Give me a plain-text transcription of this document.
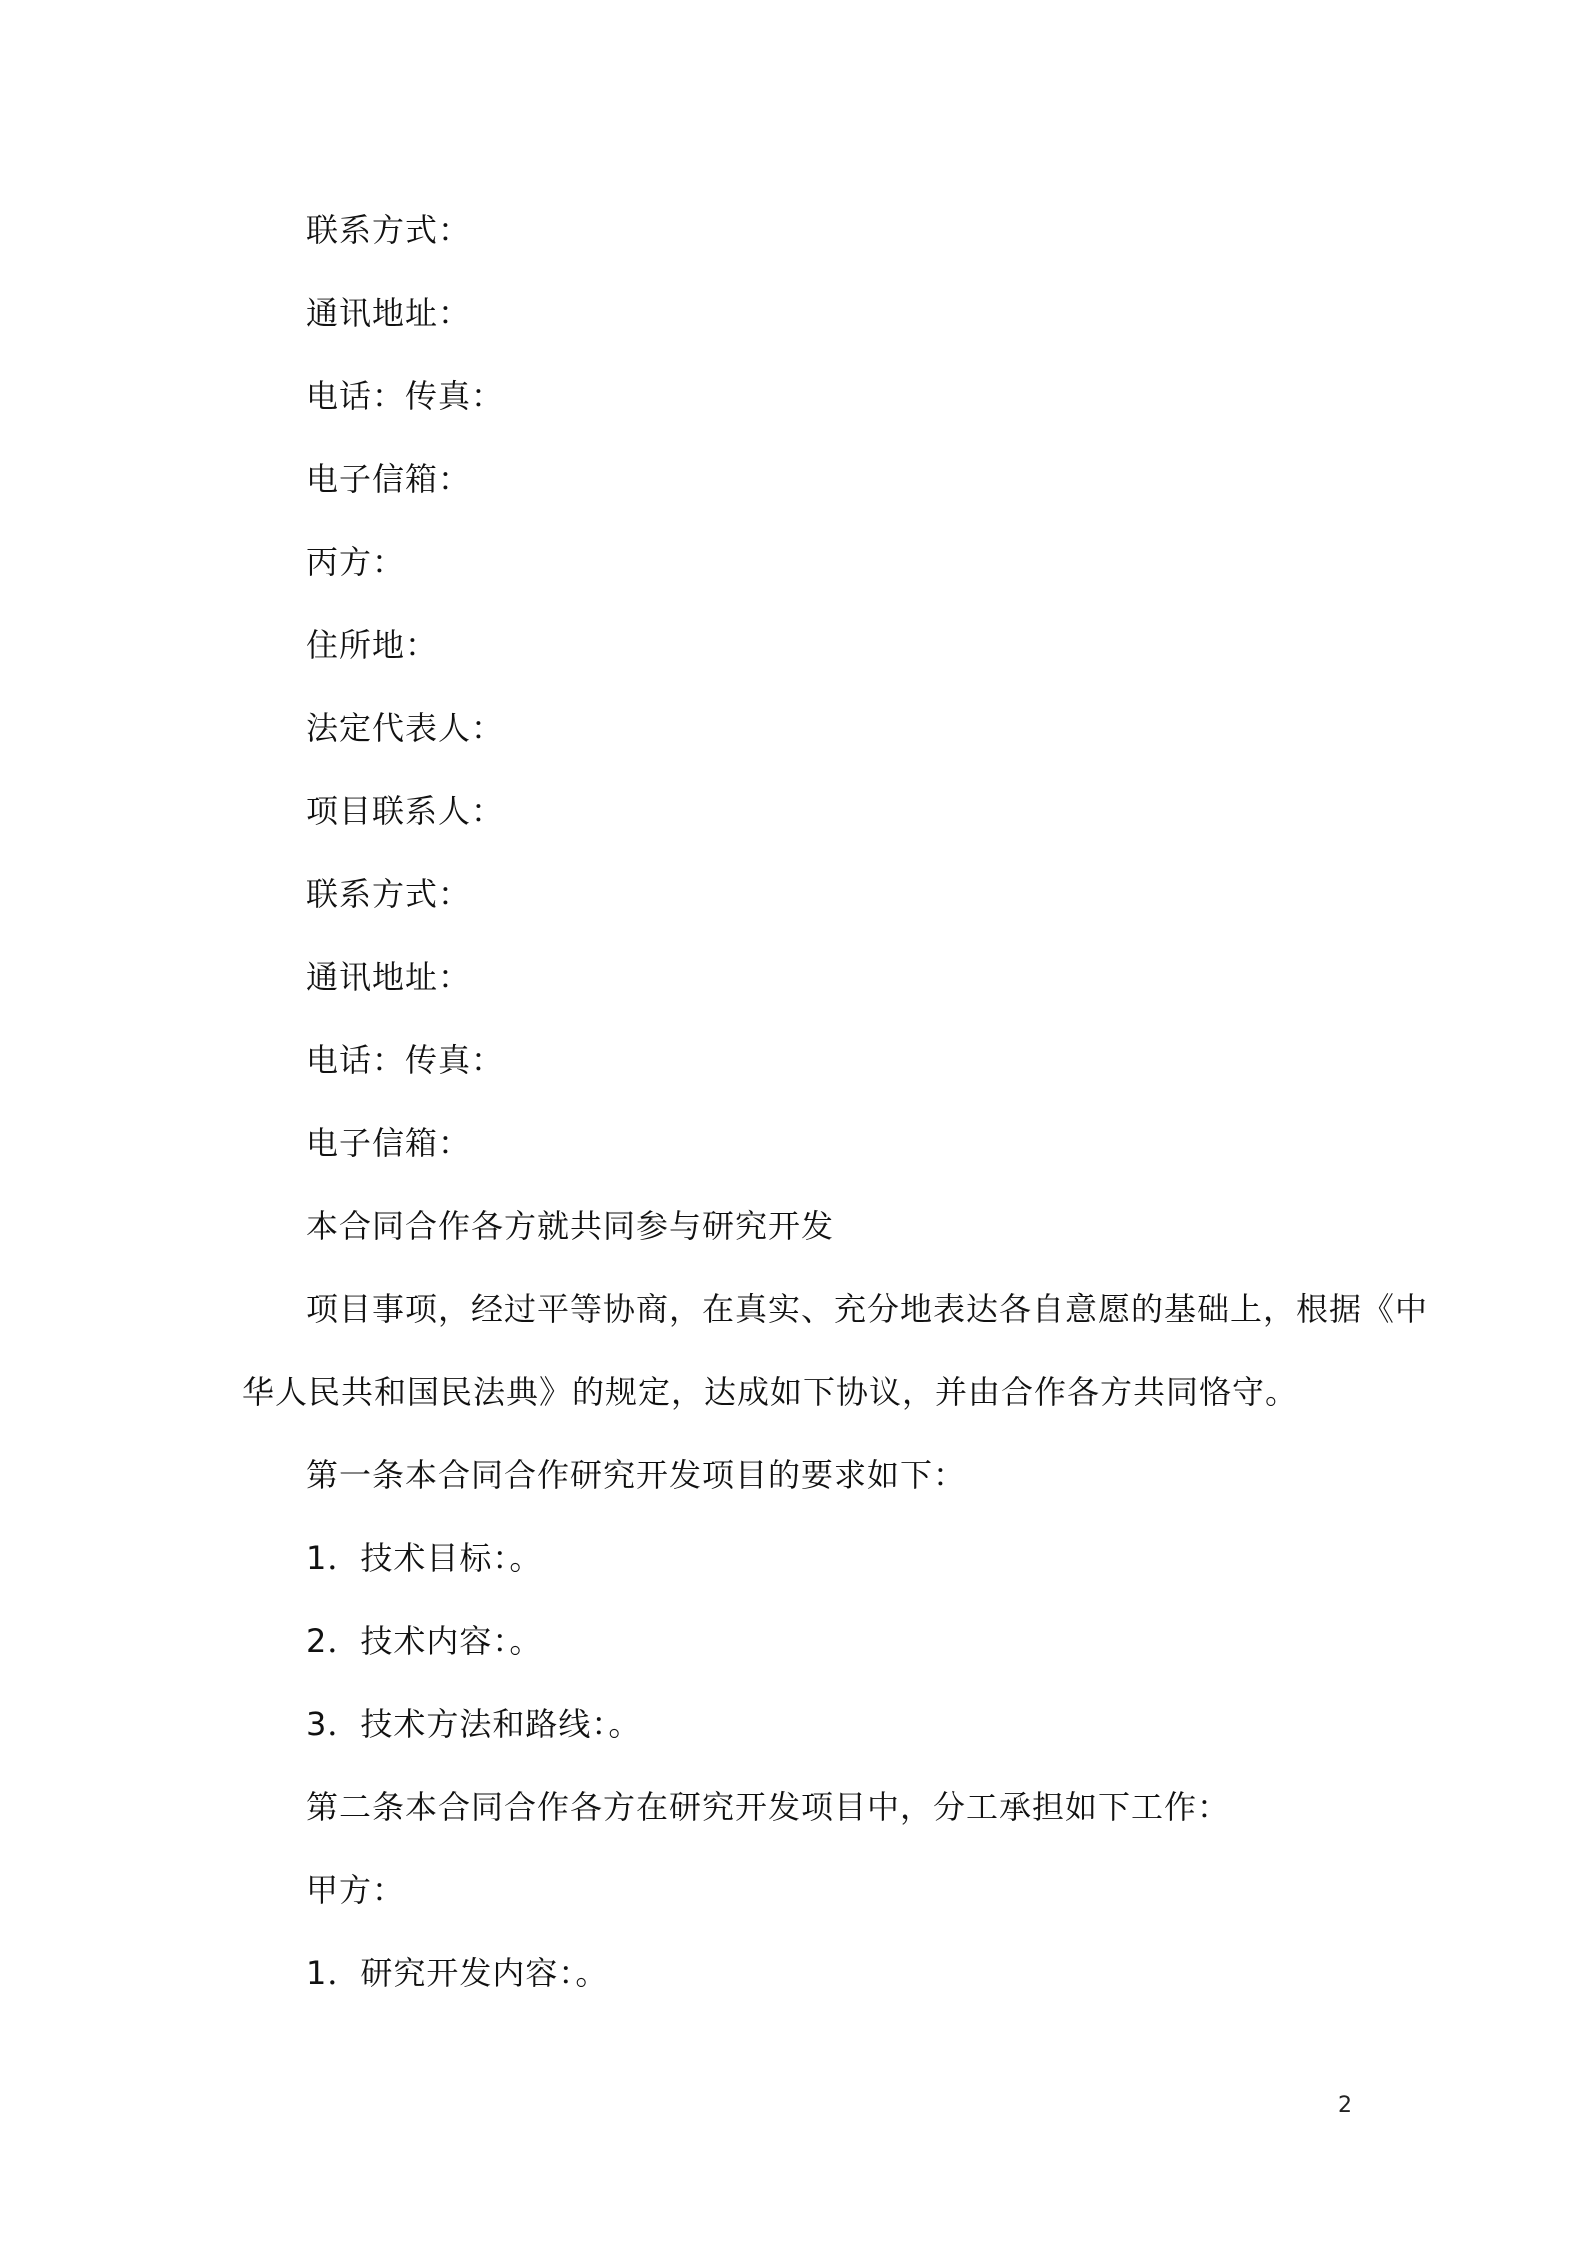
联系方式：
通讯地址：
电话：传真：
电子信箱：
丙方：
住所地：
法定代表人：
项目联系人：
联系方式：
通讯地址：
电话：传真：
电子信箱：
本合同合作各方就共同参与研究开发
项目事项，经过平等协商，在真实、充分地表达各自意愿的基础上，根据《中
华人民共和国民法典》的规定，达成如下协议，并由合作各方共同恪守。
第一条本合同合作研究开发项目的要求如下：
1．技术目标：。
2．技术内容：。
3．技术方法和路线：。
第二条本合同合作各方在研究开发项目中，分工承担如下工作：
甲方：
1．研究开发内容：。
2
